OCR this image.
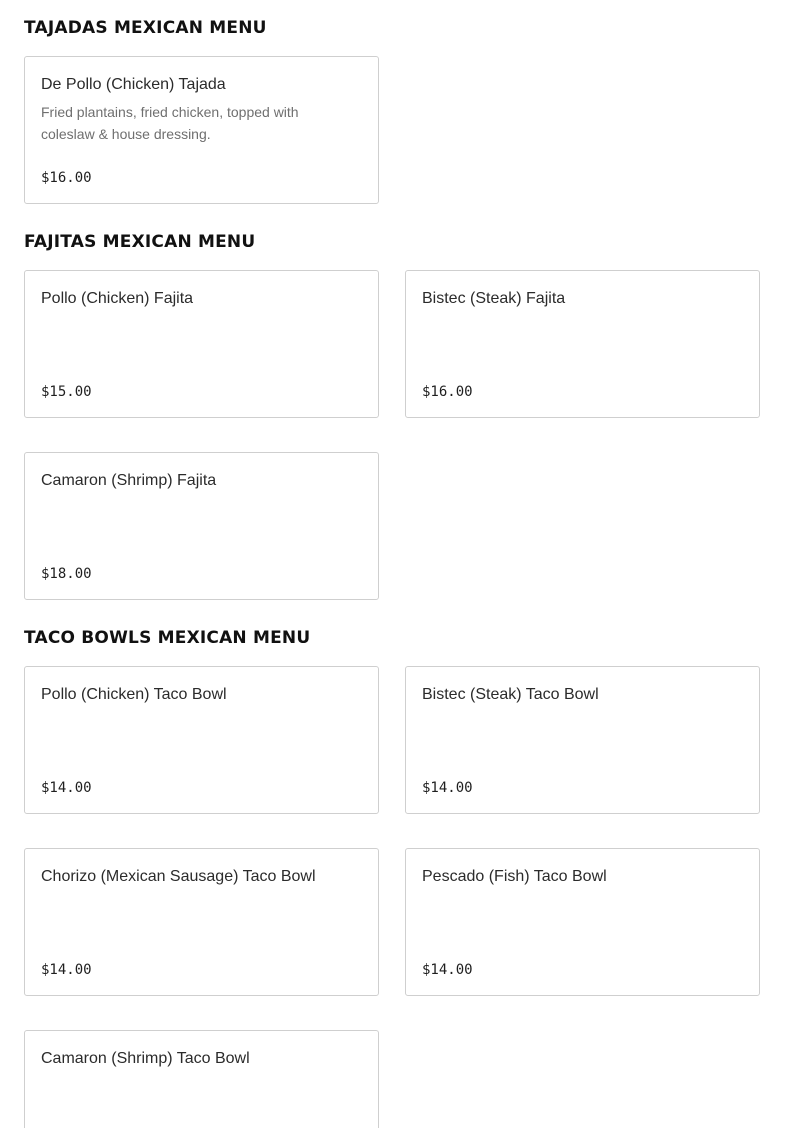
TAJADAS MEXICAN MENU
De Pollo (Chicken) Tajada
Fried plantains, fried chicken, topped with coleslaw & house dressing.
$16.00
FAJITAS MEXICAN MENU
Pollo (Chicken) Fajita
$15.00
Bistec (Steak) Fajita
$16.00
Camaron (Shrimp) Fajita
$18.00
TACO BOWLS MEXICAN MENU
Pollo (Chicken) Taco Bowl
$14.00
Bistec (Steak) Taco Bowl
$14.00
Chorizo (Mexican Sausage) Taco Bowl
$14.00
Pescado (Fish) Taco Bowl
$14.00
Camaron (Shrimp) Taco Bowl
